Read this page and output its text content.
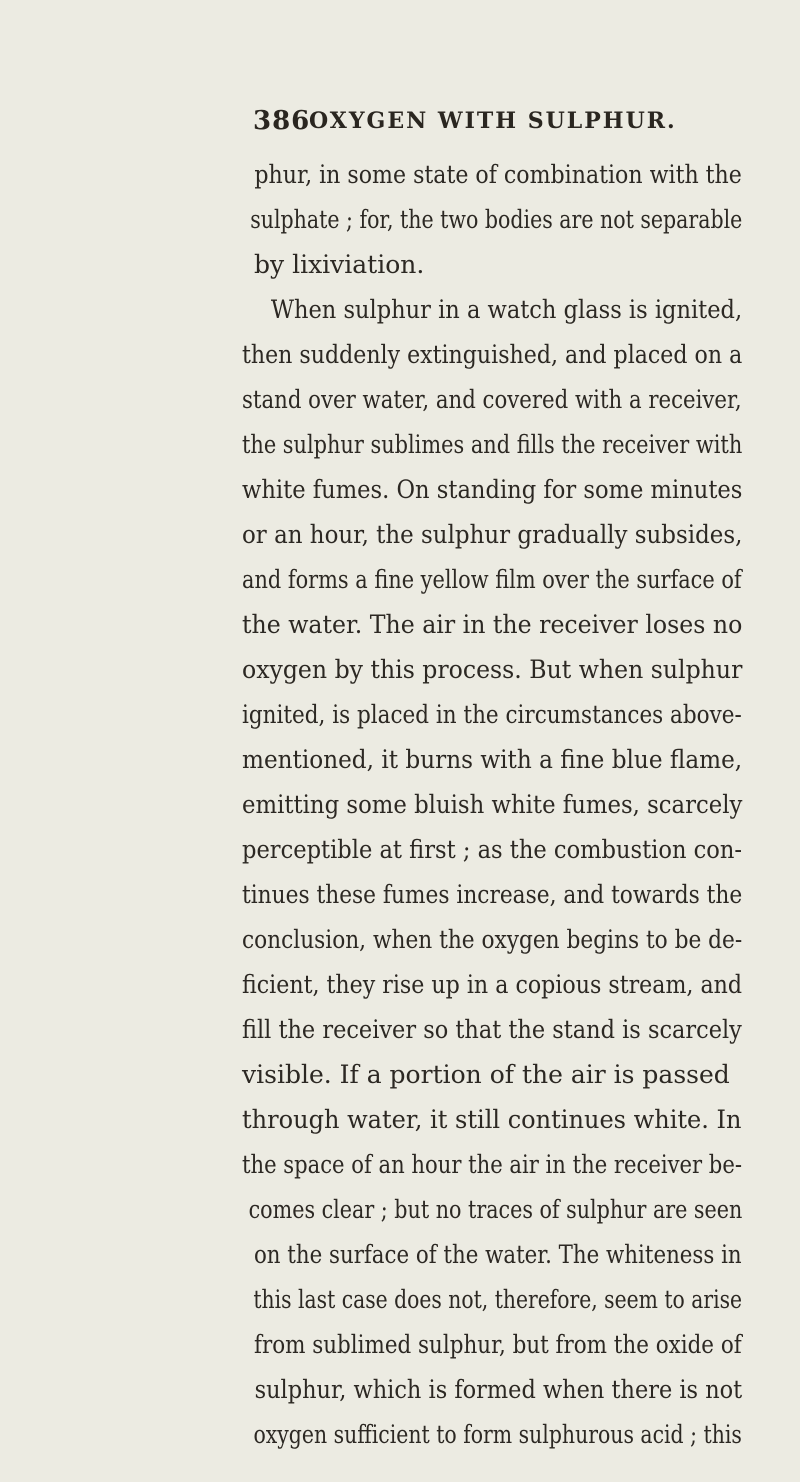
386
OXYGEN WITH SULPHUR.
phur, in some state of combination with the
sulphate ; for, the two bodies are not separable
by lixiviation.
When sulphur in a watch glass is ignited,
then suddenly extinguished, and placed on a
stand over water, and covered with a receiver,
the sulphur sublimes and fills the receiver with
white fumes. On standing for some minutes
or an hour, the sulphur gradually subsides,
and forms a fine yellow film over the surface of
the water. The air in the receiver loses no
oxygen by this process. But when sulphur
ignited, is placed in the circumstances above-
mentioned, it burns with a fine blue flame,
emitting some bluish white fumes, scarcely
perceptible at first ; as the combustion con-
tinues these fumes increase, and towards the
conclusion, when the oxygen begins to be de-
ficient, they rise up in a copious stream, and
fill the receiver so that the stand is scarcely
visible. If a portion of the air is passed
through water, it still continues white. In
the space of an hour the air in the receiver be-
comes clear ; but no traces of sulphur are seen
on the surface of the water. The whiteness in
this last case does not, therefore, seem to arise
from sublimed sulphur, but from the oxide of
sulphur, which is formed when there is not
oxygen sufficient to form sulphurous acid ; this
